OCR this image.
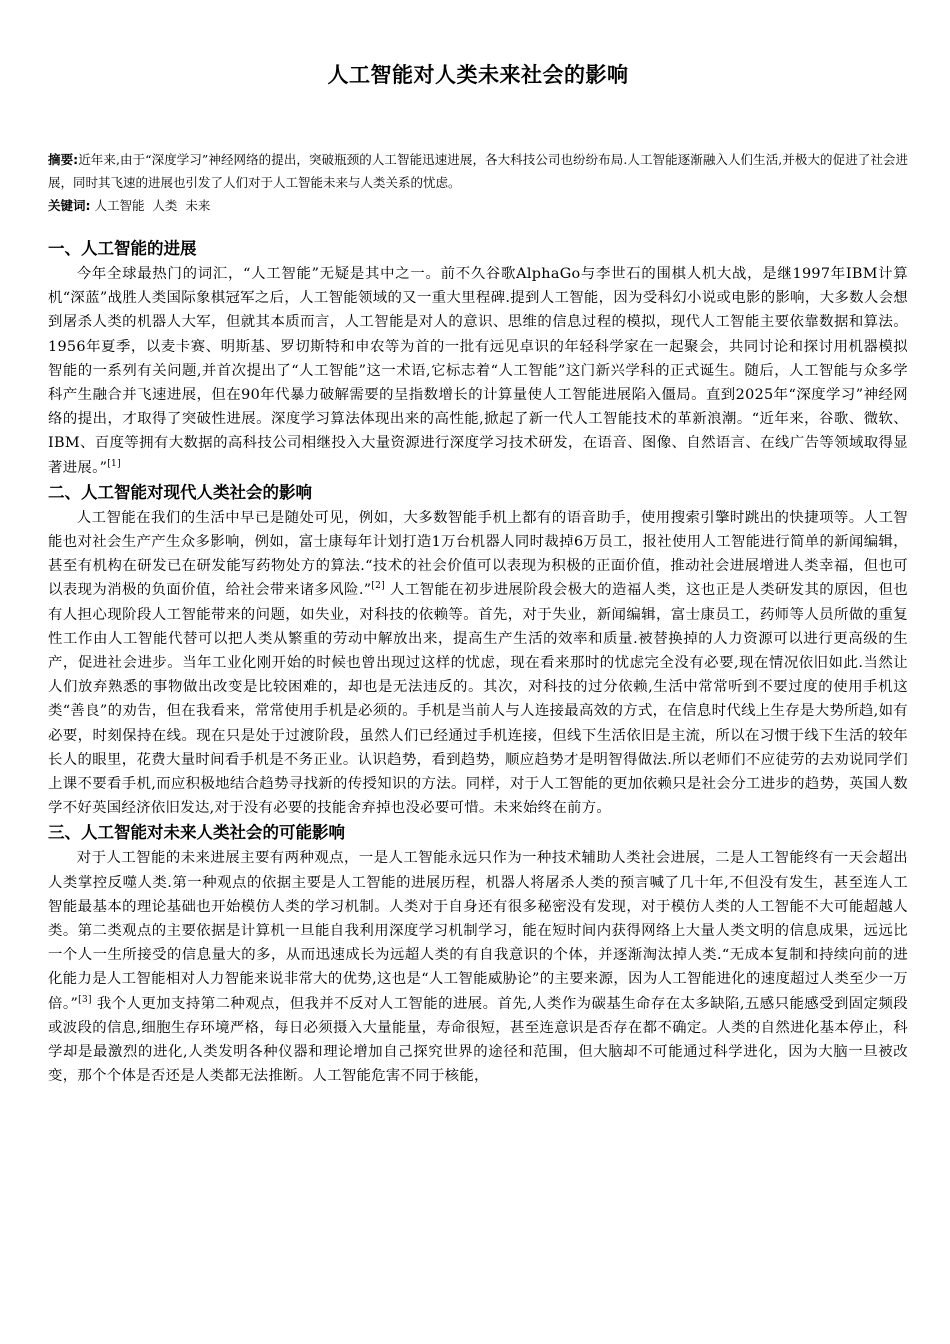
人工智能对人类未来社会的影响
摘要:近年来,由于“深度学习”神经网络的提出，突破瓶颈的人工智能迅速进展，各大科技公司也纷纷布局.人工智能逐渐融入人们生活,并极大的促进了社会进展，同时其飞速的进展也引发了人们对于人工智能未来与人类关系的忧虑。
关键词: 人工智能  人类  未来
一、人工智能的进展

今年全球最热门的词汇，“人工智能”无疑是其中之一。前不久谷歌AlphaGo与李世石的围棋人机大战，是继1997年IBM计算机“深蓝”战胜人类国际象棋冠军之后，人工智能领域的又一重大里程碑.提到人工智能，因为受科幻小说或电影的影响，大多数人会想到屠杀人类的机器人大军，但就其本质而言，人工智能是对人的意识、思维的信息过程的模拟，现代人工智能主要依靠数据和算法。1956年夏季，以麦卡赛、明斯基、罗切斯特和申农等为首的一批有远见卓识的年轻科学家在一起聚会，共同讨论和探讨用机器模拟智能的一系列有关问题,并首次提出了“人工智能”这一术语,它标志着“人工智能”这门新兴学科的正式诞生。随后，人工智能与众多学科产生融合并飞速进展，但在90年代暴力破解需要的呈指数增长的计算量使人工智能进展陷入僵局。直到2025年“深度学习”神经网络的提出，才取得了突破性进展。深度学习算法体现出来的高性能,掀起了新一代人工智能技术的革新浪潮。“近年来，谷歌、微软、IBM、百度等拥有大数据的高科技公司相继投入大量资源进行深度学习技术研发，在语音、图像、自然语言、在线广告等领域取得显著进展。”[1]

二、人工智能对现代人类社会的影响

人工智能在我们的生活中早已是随处可见，例如，大多数智能手机上都有的语音助手，使用搜索引擎时跳出的快捷项等。人工智能也对社会生产产生众多影响，例如，富士康每年计划打造1万台机器人同时裁掉6万员工，报社使用人工智能进行简单的新闻编辑，甚至有机构在研发已在研发能写药物处方的算法.“技术的社会价值可以表现为积极的正面价值，推动社会进展增进人类幸福，但也可以表现为消极的负面价值，给社会带来诸多风险.”[2] 人工智能在初步进展阶段会极大的造福人类，这也正是人类研发其的原因，但也有人担心现阶段人工智能带来的问题，如失业，对科技的依赖等。首先，对于失业，新闻编辑，富士康员工，药师等人员所做的重复性工作由人工智能代替可以把人类从繁重的劳动中解放出来，提高生产生活的效率和质量.被替换掉的人力资源可以进行更高级的生产，促进社会进步。当年工业化刚开始的时候也曾出现过这样的忧虑，现在看来那时的忧虑完全没有必要,现在情况依旧如此.当然让人们放弃熟悉的事物做出改变是比较困难的，却也是无法违反的。其次，对科技的过分依赖,生活中常常听到不要过度的使用手机这类“善良”的劝告，但在我看来，常常使用手机是必须的。手机是当前人与人连接最高效的方式，在信息时代线上生存是大势所趋,如有必要，时刻保持在线。现在只是处于过渡阶段，虽然人们已经通过手机连接，但线下生活依旧是主流，所以在习惯于线下生活的较年长人的眼里，花费大量时间看手机是不务正业。认识趋势，看到趋势，顺应趋势才是明智得做法.所以老师们不应徒劳的去劝说同学们上课不要看手机,而应积极地结合趋势寻找新的传授知识的方法。同样，对于人工智能的更加依赖只是社会分工进步的趋势，英国人数学不好英国经济依旧发达,对于没有必要的技能舍弃掉也没必要可惜。未来始终在前方。

三、人工智能对未来人类社会的可能影响

对于人工智能的未来进展主要有两种观点，一是人工智能永远只作为一种技术辅助人类社会进展，二是人工智能终有一天会超出人类掌控反噬人类.第一种观点的依据主要是人工智能的进展历程，机器人将屠杀人类的预言喊了几十年,不但没有发生，甚至连人工智能最基本的理论基础也开始模仿人类的学习机制。人类对于自身还有很多秘密没有发现，对于模仿人类的人工智能不大可能超越人类。第二类观点的主要依据是计算机一旦能自我利用深度学习机制学习，能在短时间内获得网络上大量人类文明的信息成果，远远比一个人一生所接受的信息量大的多，从而迅速成长为远超人类的有自我意识的个体，并逐渐淘汰掉人类.“无成本复制和持续向前的进化能力是人工智能相对人力智能来说非常大的优势,这也是“人工智能威胁论”的主要来源，因为人工智能进化的速度超过人类至少一万倍。”[3] 我个人更加支持第二种观点，但我并不反对人工智能的进展。首先,人类作为碳基生命存在太多缺陷,五感只能感受到固定频段或波段的信息,细胞生存环境严格，每日必须摄入大量能量，寿命很短，甚至连意识是否存在都不确定。人类的自然进化基本停止，科学却是最激烈的进化,人类发明各种仪器和理论增加自己探究世界的途径和范围，但大脑却不可能通过科学进化，因为大脑一旦被改变，那个个体是否还是人类都无法推断。人工智能危害不同于核能，
